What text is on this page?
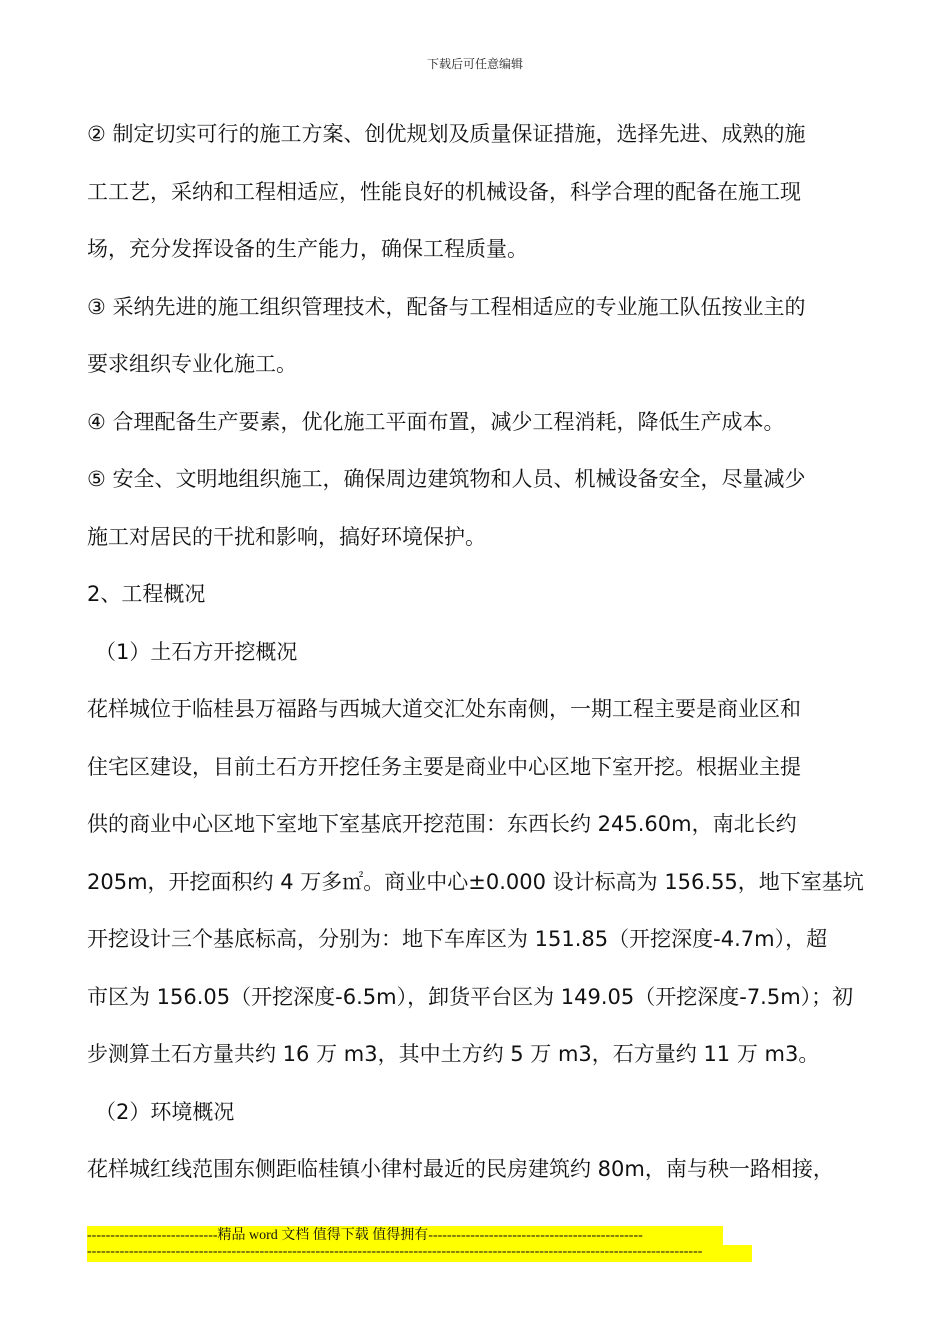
下载后可任意编辑
② 制定切实可行的施工方案、创优规划及质量保证措施，选择先进、成熟的施
工工艺，采纳和工程相适应，性能良好的机械设备，科学合理的配备在施工现
场，充分发挥设备的生产能力，确保工程质量。
③ 采纳先进的施工组织管理技术，配备与工程相适应的专业施工队伍按业主的
要求组织专业化施工。
④ 合理配备生产要素，优化施工平面布置，减少工程消耗，降低生产成本。
⑤ 安全、文明地组织施工，确保周边建筑物和人员、机械设备安全，尽量减少
施工对居民的干扰和影响，搞好环境保护。
2、工程概况
（1）土石方开挖概况
花样城位于临桂县万福路与西城大道交汇处东南侧，一期工程主要是商业区和
住宅区建设，目前土石方开挖任务主要是商业中心区地下室开挖。根据业主提
供的商业中心区地下室地下室基底开挖范围：东西长约 245.60m，南北长约
205m，开挖面积约 4 万多㎡。商业中心±0.000 设计标高为 156.55，地下室基坑
开挖设计三个基底标高，分别为：地下车库区为 151.85（开挖深度-4.7m），超
市区为 156.05（开挖深度-6.5m），卸货平台区为 149.05（开挖深度-7.5m）；初
步测算土石方量共约 16 万 m3，其中土方约 5 万 m3，石方量约 11 万 m3。
（2）环境概况
花样城红线范围东侧距临桂镇小律村最近的民房建筑约 80m，南与秧一路相接，
----------------------------精品 word 文档 值得下载 值得拥有----------------------------------------------
------------------------------------------------------------------------------------------------------------------------------------
